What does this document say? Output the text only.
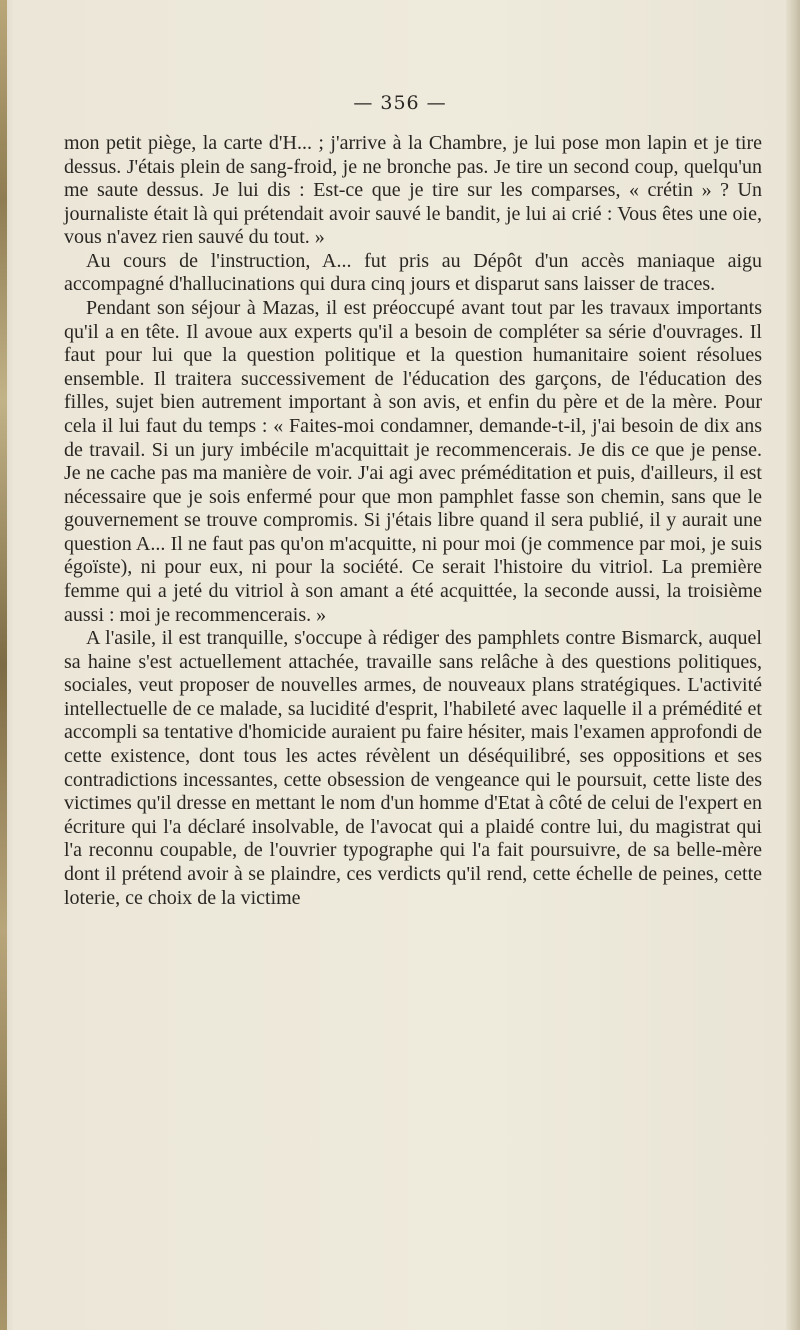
— 356 —

mon petit piège, la carte d'H... ; j'arrive à la Chambre, je lui pose mon lapin et je tire dessus. J'étais plein de sang-froid, je ne bronche pas. Je tire un second coup, quelqu'un me saute dessus. Je lui dis : Est-ce que je tire sur les comparses, « crétin » ? Un journaliste était là qui prétendait avoir sauvé le bandit, je lui ai crié : Vous êtes une oie, vous n'avez rien sauvé du tout. »

Au cours de l'instruction, A... fut pris au Dépôt d'un accès maniaque aigu accompagné d'hallucinations qui dura cinq jours et disparut sans laisser de traces.

Pendant son séjour à Mazas, il est préoccupé avant tout par les travaux importants qu'il a en tête. Il avoue aux experts qu'il a besoin de compléter sa série d'ouvrages. Il faut pour lui que la question politique et la question humanitaire soient résolues ensemble. Il traitera successivement de l'éducation des garçons, de l'éducation des filles, sujet bien autrement important à son avis, et enfin du père et de la mère. Pour cela il lui faut du temps : « Faites-moi condamner, demande-t-il, j'ai besoin de dix ans de travail. Si un jury imbécile m'acquittait je recommencerais. Je dis ce que je pense. Je ne cache pas ma manière de voir. J'ai agi avec préméditation et puis, d'ailleurs, il est nécessaire que je sois enfermé pour que mon pamphlet fasse son chemin, sans que le gouvernement se trouve compromis. Si j'étais libre quand il sera publié, il y aurait une question A... Il ne faut pas qu'on m'acquitte, ni pour moi (je commence par moi, je suis égoïste), ni pour eux, ni pour la société. Ce serait l'histoire du vitriol. La première femme qui a jeté du vitriol à son amant a été acquittée, la seconde aussi, la troisième aussi : moi je recommencerais. »

A l'asile, il est tranquille, s'occupe à rédiger des pamphlets contre Bismarck, auquel sa haine s'est actuellement attachée, travaille sans relâche à des questions politiques, sociales, veut proposer de nouvelles armes, de nouveaux plans stratégiques. L'activité intellectuelle de ce malade, sa lucidité d'esprit, l'habileté avec laquelle il a prémédité et accompli sa tentative d'homicide auraient pu faire hésiter, mais l'examen approfondi de cette existence, dont tous les actes révèlent un déséquilibré, ses oppositions et ses contradictions incessantes, cette obsession de vengeance qui le poursuit, cette liste des victimes qu'il dresse en mettant le nom d'un homme d'Etat à côté de celui de l'expert en écriture qui l'a déclaré insolvable, de l'avocat qui a plaidé contre lui, du magistrat qui l'a reconnu coupable, de l'ouvrier typographe qui l'a fait poursuivre, de sa belle-mère dont il prétend avoir à se plaindre, ces verdicts qu'il rend, cette échelle de peines, cette loterie, ce choix de la victime
